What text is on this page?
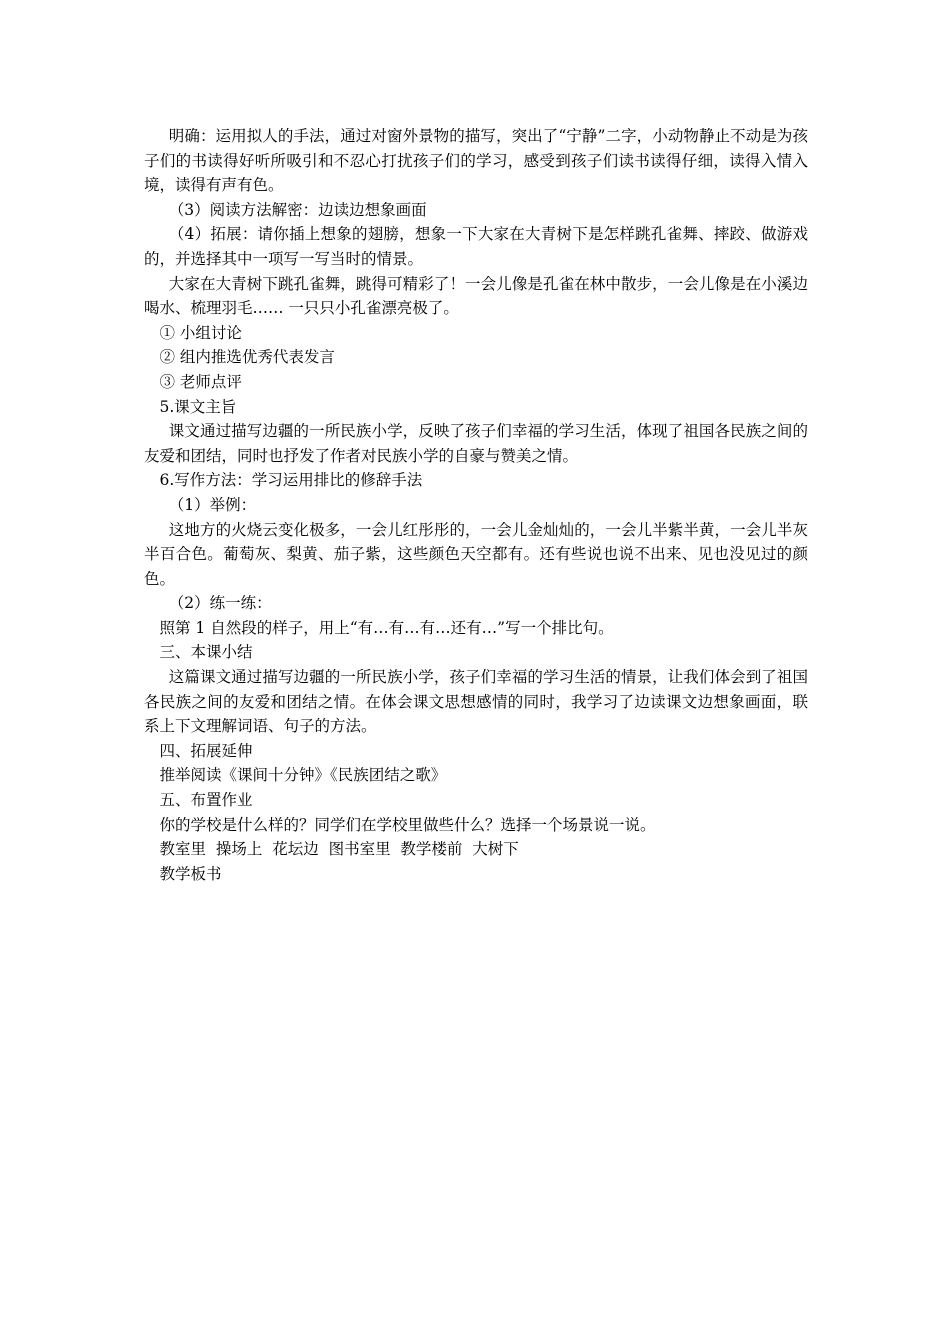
明确：运用拟人的手法，通过对窗外景物的描写，突出了“宁静”二字，小动物静止不动是为孩子们的书读得好听所吸引和不忍心打扰孩子们的学习，感受到孩子们读书读得仔细，读得入情入境，读得有声有色。

（3）阅读方法解密：边读边想象画面

（4）拓展：请你插上想象的翅膀，想象一下大家在大青树下是怎样跳孔雀舞、摔跤、做游戏的，并选择其中一项写一写当时的情景。

大家在大青树下跳孔雀舞，跳得可精彩了！一会儿像是孔雀在林中散步，一会儿像是在小溪边喝水、梳理羽毛…… 一只只小孔雀漂亮极了。

① 小组讨论

② 组内推选优秀代表发言

③ 老师点评

5.课文主旨

课文通过描写边疆的一所民族小学，反映了孩子们幸福的学习生活，体现了祖国各民族之间的友爱和团结，同时也抒发了作者对民族小学的自豪与赞美之情。

6.写作方法：学习运用排比的修辞手法

（1）举例：

这地方的火烧云变化极多，一会儿红彤彤的，一会儿金灿灿的，一会儿半紫半黄，一会儿半灰半百合色。葡萄灰、梨黄、茄子紫，这些颜色天空都有。还有些说也说不出来、见也没见过的颜色。

（2）练一练：

照第 1 自然段的样子，用上“有…有…有…还有…”写一个排比句。

三、本课小结

这篇课文通过描写边疆的一所民族小学，孩子们幸福的学习生活的情景，让我们体会到了祖国各民族之间的友爱和团结之情。在体会课文思想感情的同时，我学习了边读课文边想象画面，联系上下文理解词语、句子的方法。

四、拓展延伸

推举阅读《课间十分钟》《民族团结之歌》

五、布置作业

你的学校是什么样的？同学们在学校里做些什么？选择一个场景说一说。

教室里  操场上  花坛边  图书室里  教学楼前  大树下

教学板书
